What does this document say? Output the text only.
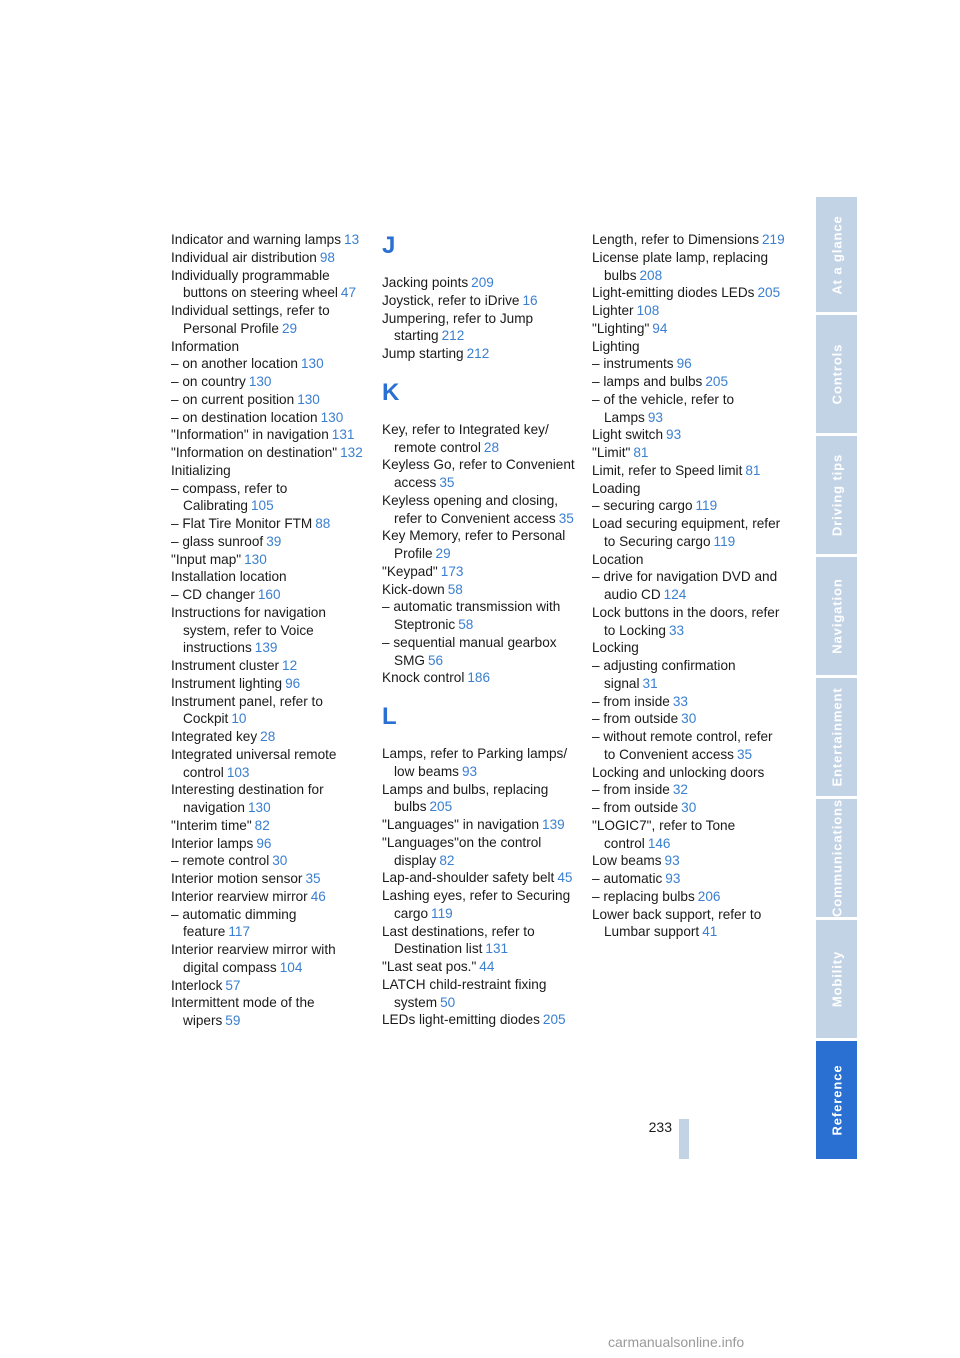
Indicator and warning lamps 13
Individual air distribution 98
Individually programmable buttons on steering wheel 47
Individual settings, refer to Personal Profile 29
Information
– on another location 130
– on country 130
– on current position 130
– on destination location 130
"Information" in navigation 131
"Information on destination" 132
Initializing
– compass, refer to Calibrating 105
– Flat Tire Monitor FTM 88
– glass sunroof 39
"Input map" 130
Installation location
– CD changer 160
Instructions for navigation system, refer to Voice instructions 139
Instrument cluster 12
Instrument lighting 96
Instrument panel, refer to Cockpit 10
Integrated key 28
Integrated universal remote control 103
Interesting destination for navigation 130
"Interim time" 82
Interior lamps 96
– remote control 30
Interior motion sensor 35
Interior rearview mirror 46
– automatic dimming feature 117
Interior rearview mirror with digital compass 104
Interlock 57
Intermittent mode of the wipers 59
J
Jacking points 209
Joystick, refer to iDrive 16
Jumpering, refer to Jump starting 212
Jump starting 212
K
Key, refer to Integrated key/ remote control 28
Keyless Go, refer to Convenient access 35
Keyless opening and closing, refer to Convenient access 35
Key Memory, refer to Personal Profile 29
"Keypad" 173
Kick-down 58
– automatic transmission with Steptronic 58
– sequential manual gearbox SMG 56
Knock control 186
L
Lamps, refer to Parking lamps/ low beams 93
Lamps and bulbs, replacing bulbs 205
"Languages" in navigation 139
"Languages"on the control display 82
Lap-and-shoulder safety belt 45
Lashing eyes, refer to Securing cargo 119
Last destinations, refer to Destination list 131
"Last seat pos." 44
LATCH child-restraint fixing system 50
LEDs light-emitting diodes 205
Length, refer to Dimensions 219
License plate lamp, replacing bulbs 208
Light-emitting diodes LEDs 205
Lighter 108
"Lighting" 94
Lighting
– instruments 96
– lamps and bulbs 205
– of the vehicle, refer to Lamps 93
Light switch 93
"Limit" 81
Limit, refer to Speed limit 81
Loading
– securing cargo 119
Load securing equipment, refer to Securing cargo 119
Location
– drive for navigation DVD and audio CD 124
Lock buttons in the doors, refer to Locking 33
Locking
– adjusting confirmation signal 31
– from inside 33
– from outside 30
– without remote control, refer to Convenient access 35
Locking and unlocking doors
– from inside 32
– from outside 30
"LOGIC7", refer to Tone control 146
Low beams 93
– automatic 93
– replacing bulbs 206
Lower back support, refer to Lumbar support 41
At a glance
Controls
Driving tips
Navigation
Entertainment
Communications
Mobility
Reference
233
carmanualsonline.info
